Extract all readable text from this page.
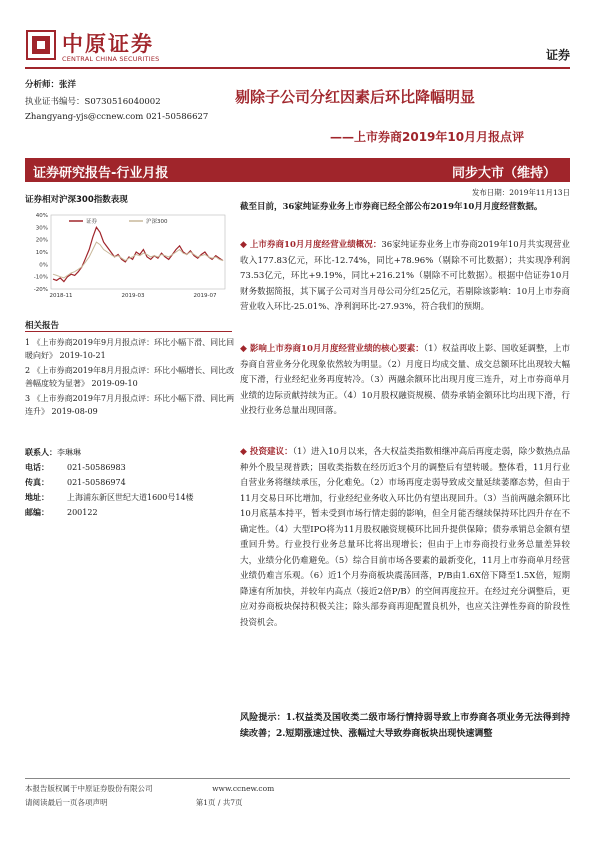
中原证券
CENTRAL CHINA SECURITIES	证券
分析师：张洋
执业证书编号：S0730516040002
Zhangyang-yjs@ccnew.com 021-50586627
剔除子公司分红因素后环比降幅明显
——上市券商2019年10月月报点评
证券研究报告-行业月报	同步大市（维持）
发布日期：2019年11月13日
证券相对沪深300指数表现
40%
30%
20%
10%
0%
-10%
-20%
2018-11	2019-03	2019-07
证券	沪深300
相关报告
1 《上市券商2019年9月月报点评：环比小幅下滑、同比回暖向好》 2019-10-21
2 《上市券商2019年8月月报点评：环比小幅增长、同比改善幅度较为显著》 2019-09-10
3 《上市券商2019年7月月报点评：环比小幅下滑、同比两连升》 2019-08-09
联系人：李琳琳
电话： 021-50586983
传真： 021-50586974
地址： 上海浦东新区世纪大道1600号14楼
邮编： 200122
截至目前，36家纯证券业务上市券商已经全部公布2019年10月月度经营数据。
◆ 上市券商10月月度经营业绩概况：36家纯证券业务上市券商2019年10月共实现营业收入177.83亿元，环比-12.74%，同比+78.96%（剔除不可比数据）；共实现净利润73.53亿元，环比+9.19%，同比+216.21%（剔除不可比数据）。根据中信证券10月财务数据简报，其下属子公司对当月母公司分红25亿元，若剔除该影响：10月上市券商营业收入环比-25.01%、净利润环比-27.93%，符合我们的预期。
◆ 影响上市券商10月月度经营业绩的核心要素：（1）权益再收上影、国收延调整，上市券商自营业务分化现象依然较为明显。（2）月度日均成交量、成交总额环比出现较大幅度下滑，行业经纪业务再度转冷。（3）两融余额环比出现月度三连升，对上市券商单月业绩的边际贡献持续为正。（4）10月股权融资规模、债券承销金额环比均出现下滑，行业投行业务总量出现回落。
◆ 投资建议：（1）进入10月以来，各大权益类指数相继冲高后再度走弱，除少数热点品种外个股呈现普跌；国收类指数在经历近3个月的调整后有望转暖。整体看，11月行业自营业务将继续承压，分化难免。（2）市场再度走弱导致成交量延续萎靡态势，但由于11月交易日环比增加，行业经纪业务收入环比仍有望出现回升。（3）当前两融余额环比10月底基本持平，暂未受到市场行情走弱的影响，但全月能否继续保持环比四升存在不确定性。（4）大型IPO将为11月股权融资规模环比回升提供保障；债券承销总金额有望重回升势。行业投行业务总量环比将出现增长；但由于上市券商投行业务总量差异较大，业绩分化仍难避免。（5）综合目前市场各要素的最新变化，11月上市券商单月经营业绩仍难言乐观。（6）近1个月券商板块震荡回落，P/B由1.6X倍下降至1.5X倍，短期降速有所加快，并较年内高点（接近2倍P/B）的空间再度拉开。在经过充分调整后，更应对券商板块保持积极关注；除头部券商再迎配置良机外，也应关注弹性券商的阶段性投资机会。
风险提示：1.权益类及国收类二级市场行情持弱导致上市券商各项业务无法得到持续改善；2.短期涨速过快、涨幅过大导致券商板块出现快速调整
本报告版权属于中原证券股份有限公司                         www.ccnew.com
请阅读最后一页各项声明                                     第1页 / 共7页
